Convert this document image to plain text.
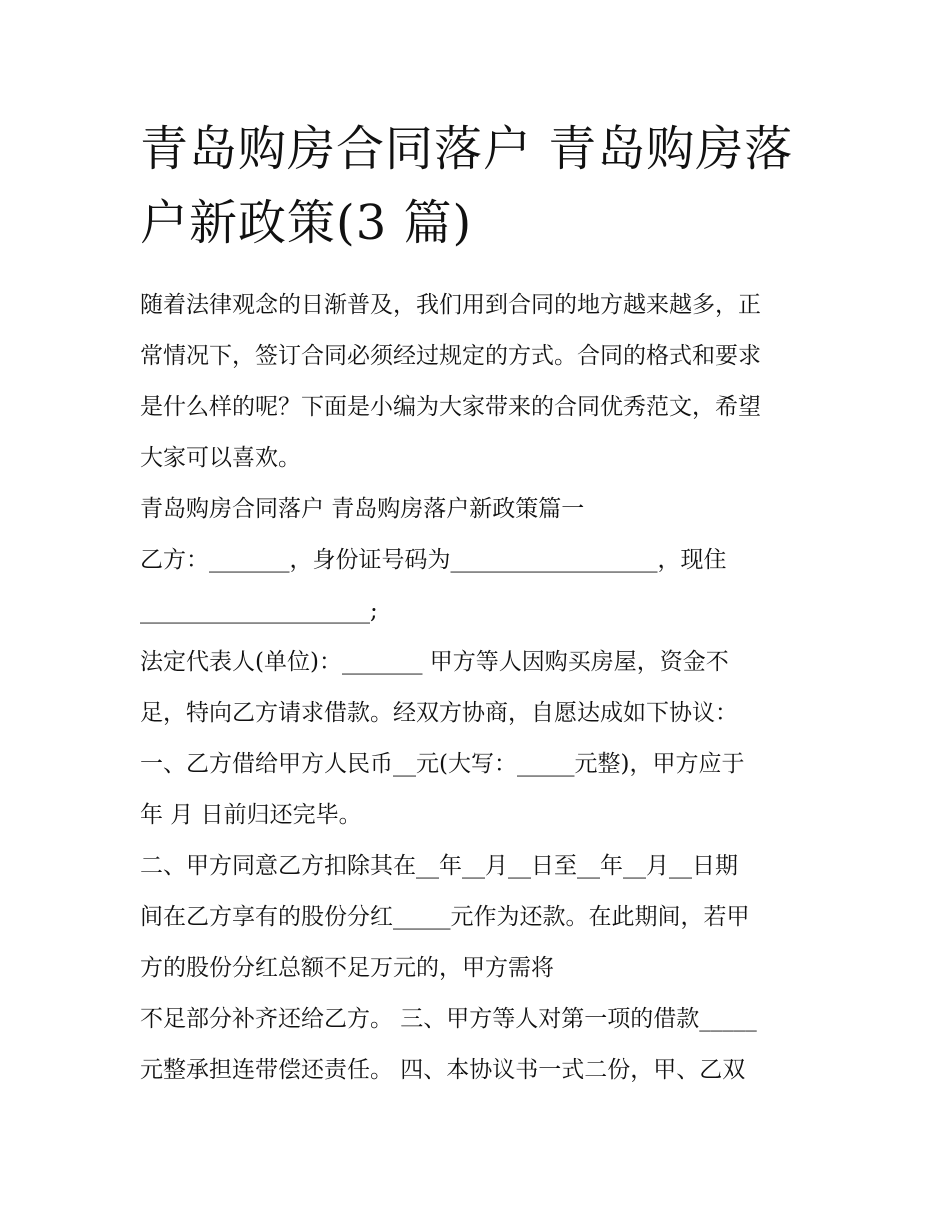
青岛购房合同落户 青岛购房落
户新政策(3 篇)

随着法律观念的日渐普及，我们用到合同的地方越来越多，正
常情况下，签订合同必须经过规定的方式。合同的格式和要求
是什么样的呢？下面是小编为大家带来的合同优秀范文，希望
大家可以喜欢。

青岛购房合同落户 青岛购房落户新政策篇一

乙方：_______，身份证号码为__________________，现住
____________________;

法定代表人(单位)：_______ 甲方等人因购买房屋，资金不
足，特向乙方请求借款。经双方协商，自愿达成如下协议：

一、乙方借给甲方人民币__元(大写：_____元整)，甲方应于
年 月 日前归还完毕。

二、甲方同意乙方扣除其在__年__月__日至__年__月__日期
间在乙方享有的股份分红_____元作为还款。在此期间，若甲
方的股份分红总额不足万元的，甲方需将

不足部分补齐还给乙方。 三、甲方等人对第一项的借款_____
元整承担连带偿还责任。 四、本协议书一式二份，甲、乙双
